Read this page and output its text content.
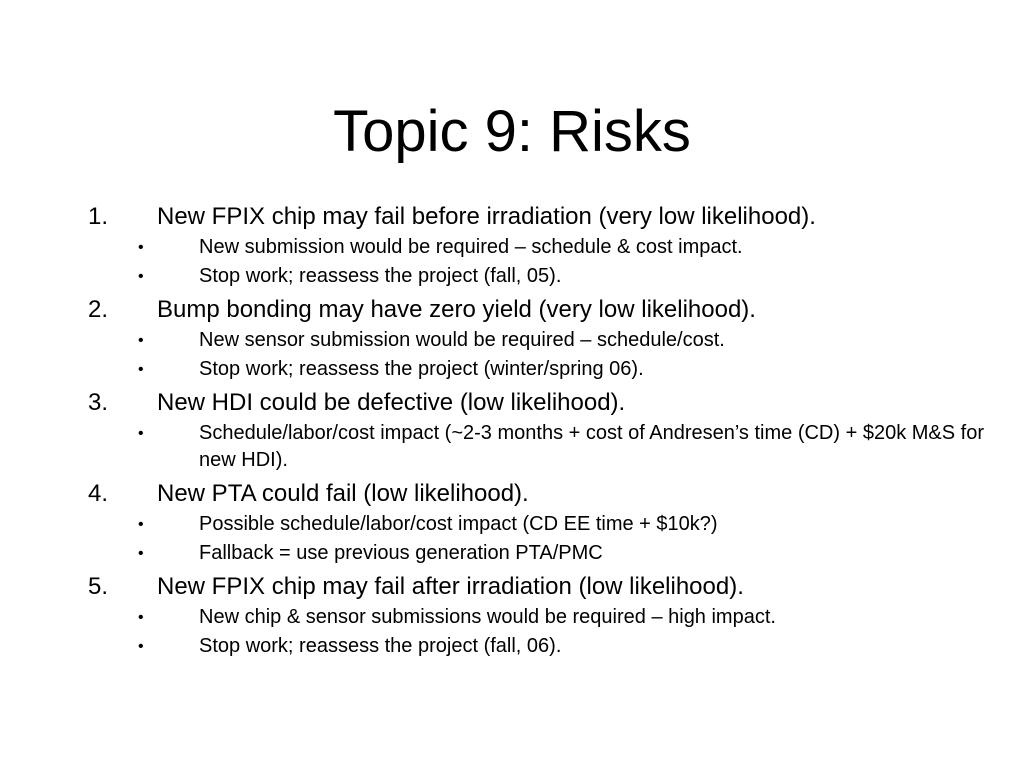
Topic 9: Risks
1. New FPIX chip may fail before irradiation (very low likelihood).
•	New submission would be required – schedule & cost impact.
•	Stop work; reassess the project (fall, 05).
2. Bump bonding may have zero yield (very low likelihood).
•	New sensor submission would be required – schedule/cost.
•	Stop work; reassess the project (winter/spring 06).
3. New HDI could be defective (low likelihood).
•	Schedule/labor/cost impact (~2-3 months + cost of Andresen’s time (CD) + $20k M&S for new HDI).
4. New PTA could fail (low likelihood).
•	Possible schedule/labor/cost impact (CD EE time + $10k?)
•	Fallback = use previous generation PTA/PMC
5. New FPIX chip may fail after irradiation (low likelihood).
•	New chip & sensor submissions would be required – high impact.
•	Stop work; reassess the project (fall, 06).
